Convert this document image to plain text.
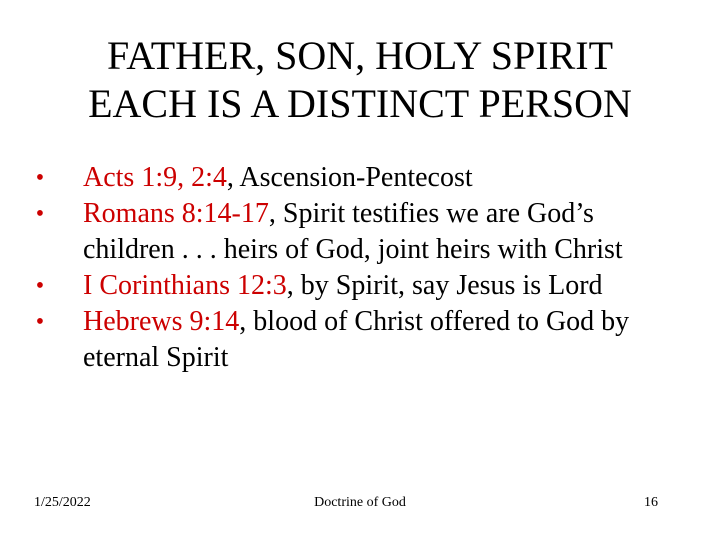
FATHER, SON, HOLY SPIRIT
EACH IS A DISTINCT PERSON
• Acts 1:9, 2:4, Ascension-Pentecost
• Romans 8:14-17, Spirit testifies we are God’s children . . . heirs of God, joint heirs with Christ
• I Corinthians 12:3, by Spirit, say Jesus is Lord
• Hebrews 9:14, blood of Christ offered to God by eternal Spirit
1/25/2022	Doctrine of God	16
